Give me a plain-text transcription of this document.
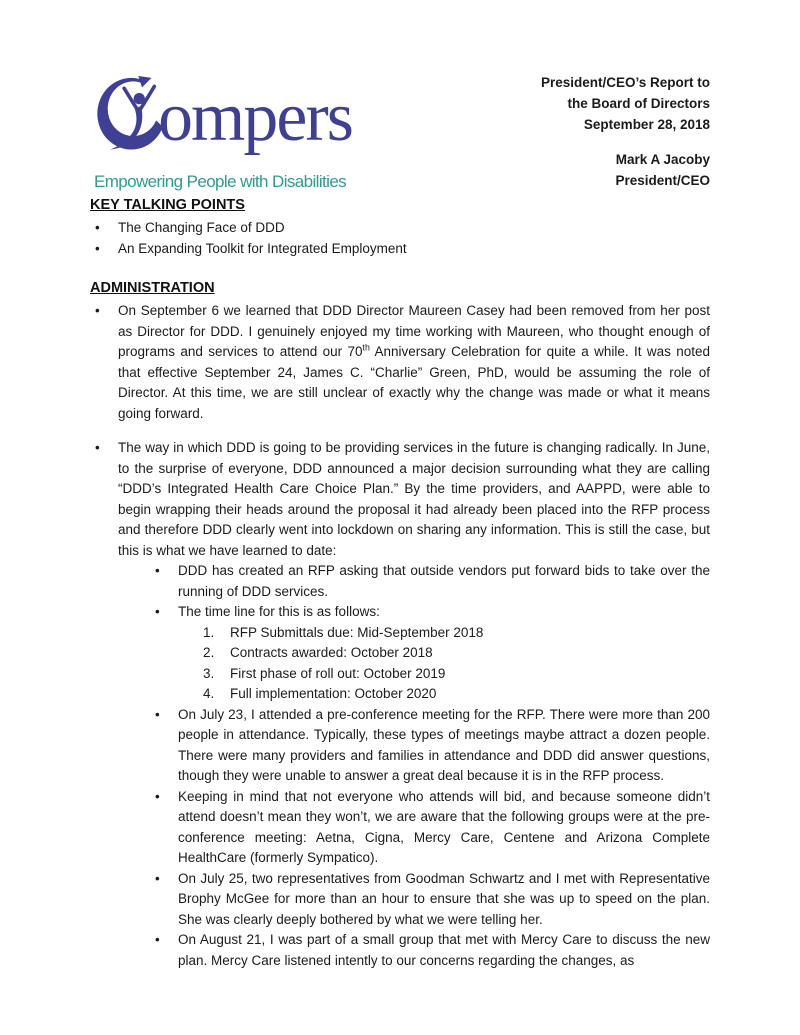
ompers
Empowering People with Disabilities
President/CEO’s Report to
the Board of Directors
September 28, 2018
Mark A Jacoby
President/CEO
KEY TALKING POINTS
• The Changing Face of DDD
• An Expanding Toolkit for Integrated Employment
ADMINISTRATION
• On September 6 we learned that DDD Director Maureen Casey had been removed from her post as Director for DDD. I genuinely enjoyed my time working with Maureen, who thought enough of programs and services to attend our 70th Anniversary Celebration for quite a while. It was noted that effective September 24, James C. “Charlie” Green, PhD, would be assuming the role of Director. At this time, we are still unclear of exactly why the change was made or what it means going forward.
• The way in which DDD is going to be providing services in the future is changing radically. In June, to the surprise of everyone, DDD announced a major decision surrounding what they are calling “DDD’s Integrated Health Care Choice Plan.” By the time providers, and AAPPD, were able to begin wrapping their heads around the proposal it had already been placed into the RFP process and therefore DDD clearly went into lockdown on sharing any information. This is still the case, but this is what we have learned to date:
• DDD has created an RFP asking that outside vendors put forward bids to take over the running of DDD services.
• The time line for this is as follows:
RFP Submittals due: Mid-September 2018
Contracts awarded: October 2018
First phase of roll out: October 2019
Full implementation: October 2020
• On July 23, I attended a pre-conference meeting for the RFP. There were more than 200 people in attendance. Typically, these types of meetings maybe attract a dozen people. There were many providers and families in attendance and DDD did answer questions, though they were unable to answer a great deal because it is in the RFP process.
• Keeping in mind that not everyone who attends will bid, and because someone didn’t attend doesn’t mean they won’t, we are aware that the following groups were at the pre-conference meeting: Aetna, Cigna, Mercy Care, Centene and Arizona Complete HealthCare (formerly Sympatico).
• On July 25, two representatives from Goodman Schwartz and I met with Representative Brophy McGee for more than an hour to ensure that she was up to speed on the plan. She was clearly deeply bothered by what we were telling her.
• On August 21, I was part of a small group that met with Mercy Care to discuss the new plan. Mercy Care listened intently to our concerns regarding the changes, as
